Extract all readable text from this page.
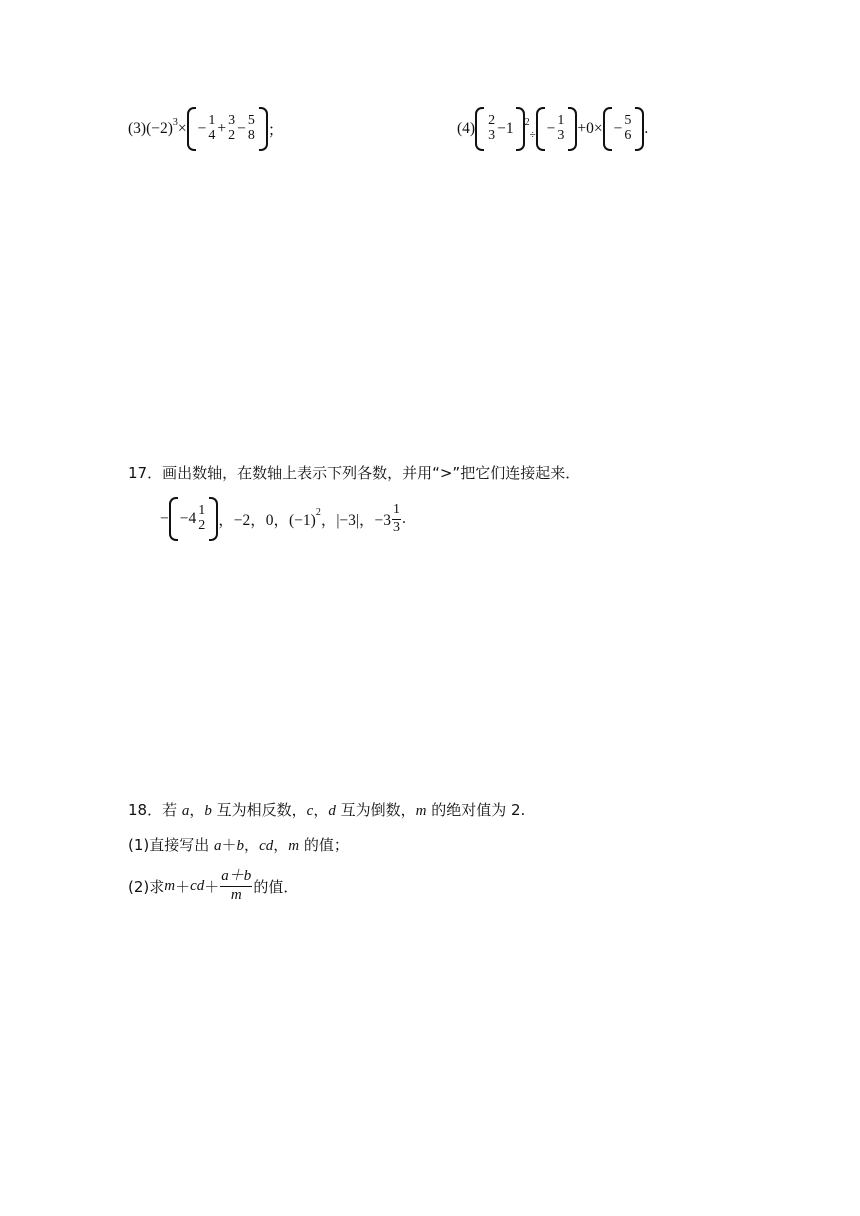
(3) (−2) 3 × − 1
4 + 3
2 − 5
8 ；	(4) 2
3 −1 2
÷ − 1
3 +0× − 5
6 .
17．画出数轴，在数轴上表示下列各数，并用“>”把它们连接起来．
− −4 1
2 ，−2，0，(−1) 2 ，|−3|，$-3 \frac{1}{3}$ .
18．若 a，b 互为相反数，c，d 互为倒数，m 的绝对值为 2.
(1)直接写出 a＋b，cd，m 的值；
(2)求 m ＋ cd ＋ $\frac{a+b}{m}$ 的值．
